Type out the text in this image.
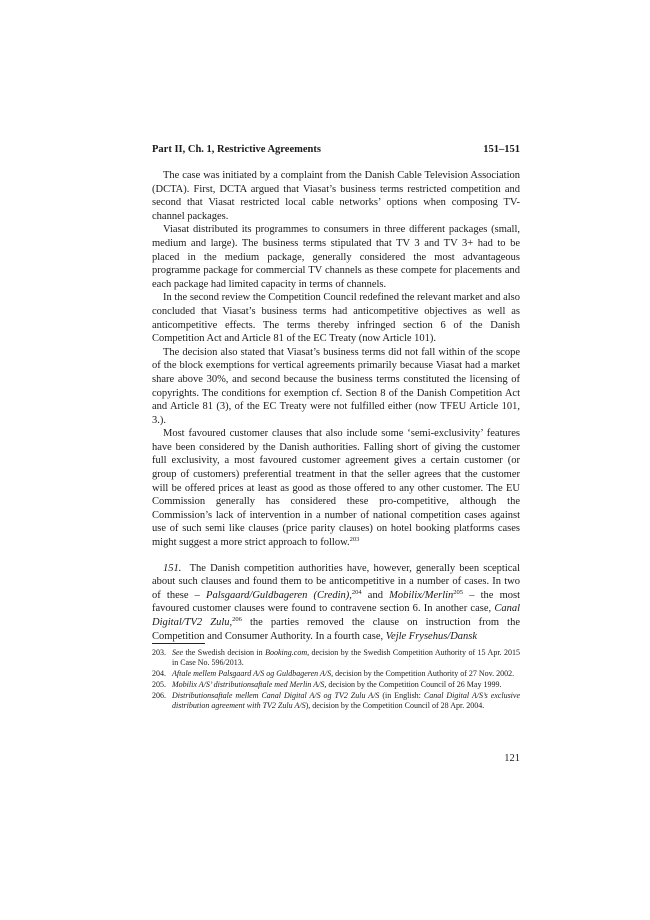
Part II, Ch. 1, Restrictive Agreements	151–151

The case was initiated by a complaint from the Danish Cable Television Association (DCTA). First, DCTA argued that Viasat’s business terms restricted competition and second that Viasat restricted local cable networks’ options when composing TV-channel packages.

Viasat distributed its programmes to consumers in three different packages (small, medium and large). The business terms stipulated that TV 3 and TV 3+ had to be placed in the medium package, generally considered the most advantageous programme package for commercial TV channels as these compete for placements and each package had limited capacity in terms of channels.

In the second review the Competition Council redefined the relevant market and also concluded that Viasat’s business terms had anticompetitive objectives as well as anticompetitive effects. The terms thereby infringed section 6 of the Danish Competition Act and Article 81 of the EC Treaty (now Article 101).

The decision also stated that Viasat’s business terms did not fall within of the scope of the block exemptions for vertical agreements primarily because Viasat had a market share above 30%, and second because the business terms constituted the licensing of copyrights. The conditions for exemption cf. Section 8 of the Danish Competition Act and Article 81 (3), of the EC Treaty were not fulfilled either (now TFEU Article 101, 3.).

Most favoured customer clauses that also include some ‘semi-exclusivity’ features have been considered by the Danish authorities. Falling short of giving the customer full exclusivity, a most favoured customer agreement gives a certain customer (or group of customers) preferential treatment in that the seller agrees that the customer will be offered prices at least as good as those offered to any other customer. The EU Commission generally has considered these pro-competitive, although the Commission’s lack of intervention in a number of national competition cases against use of such semi like clauses (price parity clauses) on hotel booking platforms cases might suggest a more strict approach to follow.$^{203}$

151. The Danish competition authorities have, however, generally been sceptical about such clauses and found them to be anticompetitive in a number of cases. In two of these – Palsgaard/Guldbageren (Credin),$^{204}$ and Mobilix/Merlin$^{205}$ – the most favoured customer clauses were found to contravene section 6. In another case, Canal Digital/TV2 Zulu,$^{206}$ the parties removed the clause on instruction from the Competition and Consumer Authority. In a fourth case, Vejle Frysehus/Dansk

203. See the Swedish decision in Booking.com, decision by the Swedish Competition Authority of 15 Apr. 2015 in Case No. 596/2013.
204. Aftale mellem Palsgaard A/S og Guldbageren A/S, decision by the Competition Authority of 27 Nov. 2002.
205. Mobilix A/S’ distributionsaftale med Merlin A/S, decision by the Competition Council of 26 May 1999.
206. Distributionsaftale mellem Canal Digital A/S og TV2 Zulu A/S (in English: Canal Digital A/S’s exclusive distribution agreement with TV2 Zulu A/S), decision by the Competition Council of 28 Apr. 2004.
121
